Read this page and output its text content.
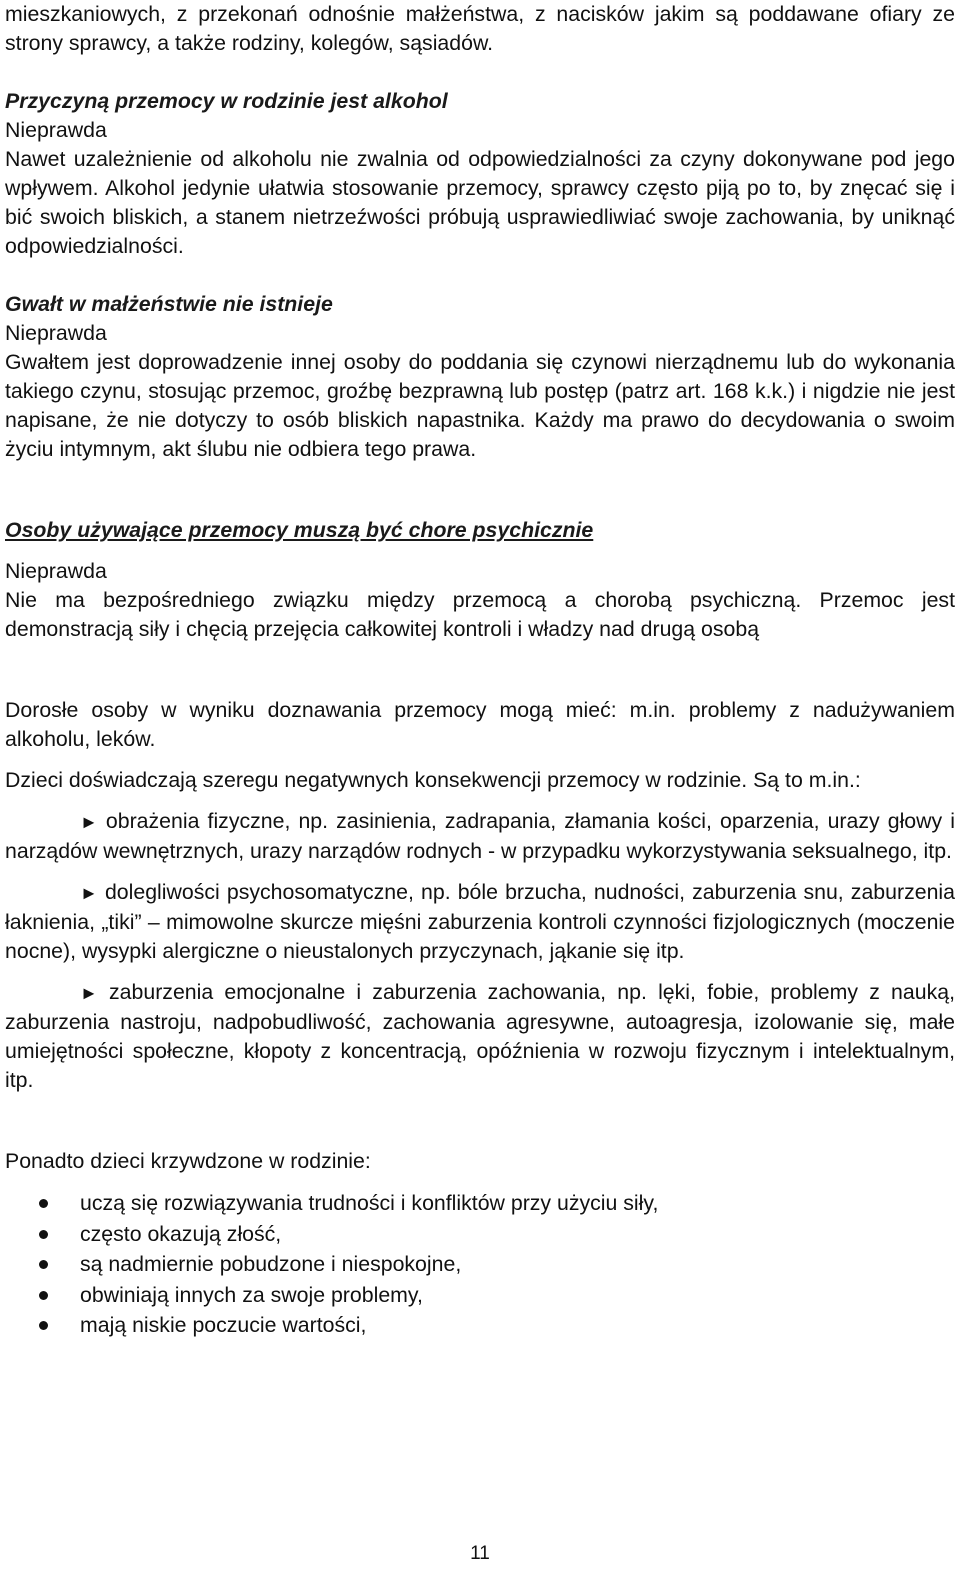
mieszkaniowych, z przekonań odnośnie małżeństwa, z nacisków jakim są poddawane ofiary ze strony sprawcy, a także rodziny, kolegów, sąsiadów.

Przyczyną przemocy w rodzinie jest alkohol
Nieprawda

Nawet uzależnienie od alkoholu nie zwalnia od odpowiedzialności za czyny dokonywane pod jego wpływem. Alkohol jedynie ułatwia stosowanie przemocy, sprawcy często piją po to, by znęcać się i bić swoich bliskich, a stanem nietrzeźwości próbują usprawiedliwiać swoje zachowania, by uniknąć odpowiedzialności.

Gwałt w małżeństwie nie istnieje
Nieprawda

Gwałtem jest doprowadzenie innej osoby do poddania się czynowi nierządnemu lub do wykonania takiego czynu, stosując przemoc, groźbę bezprawną lub postęp (patrz art. 168 k.k.) i nigdzie nie jest napisane, że nie dotyczy to osób bliskich napastnika. Każdy ma prawo do decydowania o swoim życiu intymnym, akt ślubu nie odbiera tego prawa.

Osoby używające przemocy muszą być chore psychicznie
Nieprawda

Nie ma bezpośredniego związku między przemocą a chorobą psychiczną. Przemoc jest demonstracją siły i chęcią przejęcia całkowitej kontroli i władzy nad drugą osobą

Dorosłe osoby w wyniku doznawania przemocy mogą mieć: m.in. problemy z nadużywaniem alkoholu, leków.

Dzieci doświadczają szeregu negatywnych konsekwencji przemocy w rodzinie. Są to m.in.:

► obrażenia fizyczne, np. zasinienia, zadrapania, złamania kości, oparzenia, urazy głowy i narządów wewnętrznych, urazy narządów rodnych - w przypadku wykorzystywania seksualnego, itp.

► dolegliwości psychosomatyczne, np. bóle brzucha, nudności, zaburzenia snu, zaburzenia łaknienia, „tiki” – mimowolne skurcze mięśni zaburzenia kontroli czynności fizjologicznych (moczenie nocne), wysypki alergiczne o nieustalonych przyczynach, jąkanie się itp.

► zaburzenia emocjonalne i zaburzenia zachowania, np. lęki, fobie, problemy z nauką, zaburzenia nastroju, nadpobudliwość, zachowania agresywne, autoagresja, izolowanie się, małe umiejętności społeczne, kłopoty z koncentracją, opóźnienia w rozwoju fizycznym i intelektualnym, itp.

Ponadto dzieci krzywdzone w rodzinie:

uczą się rozwiązywania trudności i konfliktów przy użyciu siły,
często okazują złość,
są nadmiernie pobudzone i niespokojne,
obwiniają innych za swoje problemy,
mają niskie poczucie wartości,
11
